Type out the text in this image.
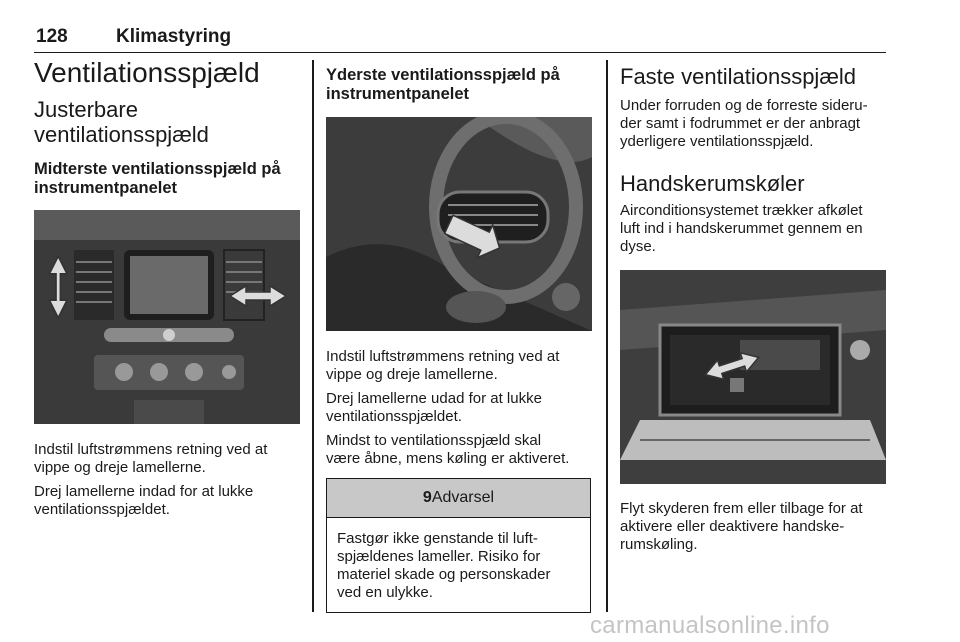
128	Klimastyring
Ventilationsspjæld
Justerbare
ventilationsspjæld
Midterste ventilationsspjæld på
instrumentpanelet
Indstil luftstrømmens retning ved at
vippe og dreje lamellerne.
Drej lamellerne indad for at lukke
ventilationsspjældet.
Yderste ventilationsspjæld på
instrumentpanelet
Indstil luftstrømmens retning ved at
vippe og dreje lamellerne.
Drej lamellerne udad for at lukke
ventilationsspjældet.
Mindst to ventilationsspjæld skal
være åbne, mens køling er aktiveret.
9Advarsel
Fastgør ikke genstande til luft-
spjældenes lameller. Risiko for
materiel skade og personskader
ved en ulykke.
Faste ventilationsspjæld
Under forruden og de forreste sideru-
der samt i fodrummet er der anbragt
yderligere ventilationsspjæld.
Handskerumskøler
Airconditionsystemet trækker afkølet
luft ind i handskerummet gennem en
dyse.
Flyt skyderen frem eller tilbage for at
aktivere eller deaktivere handske-
rumskøling.
carmanualsonline.info
